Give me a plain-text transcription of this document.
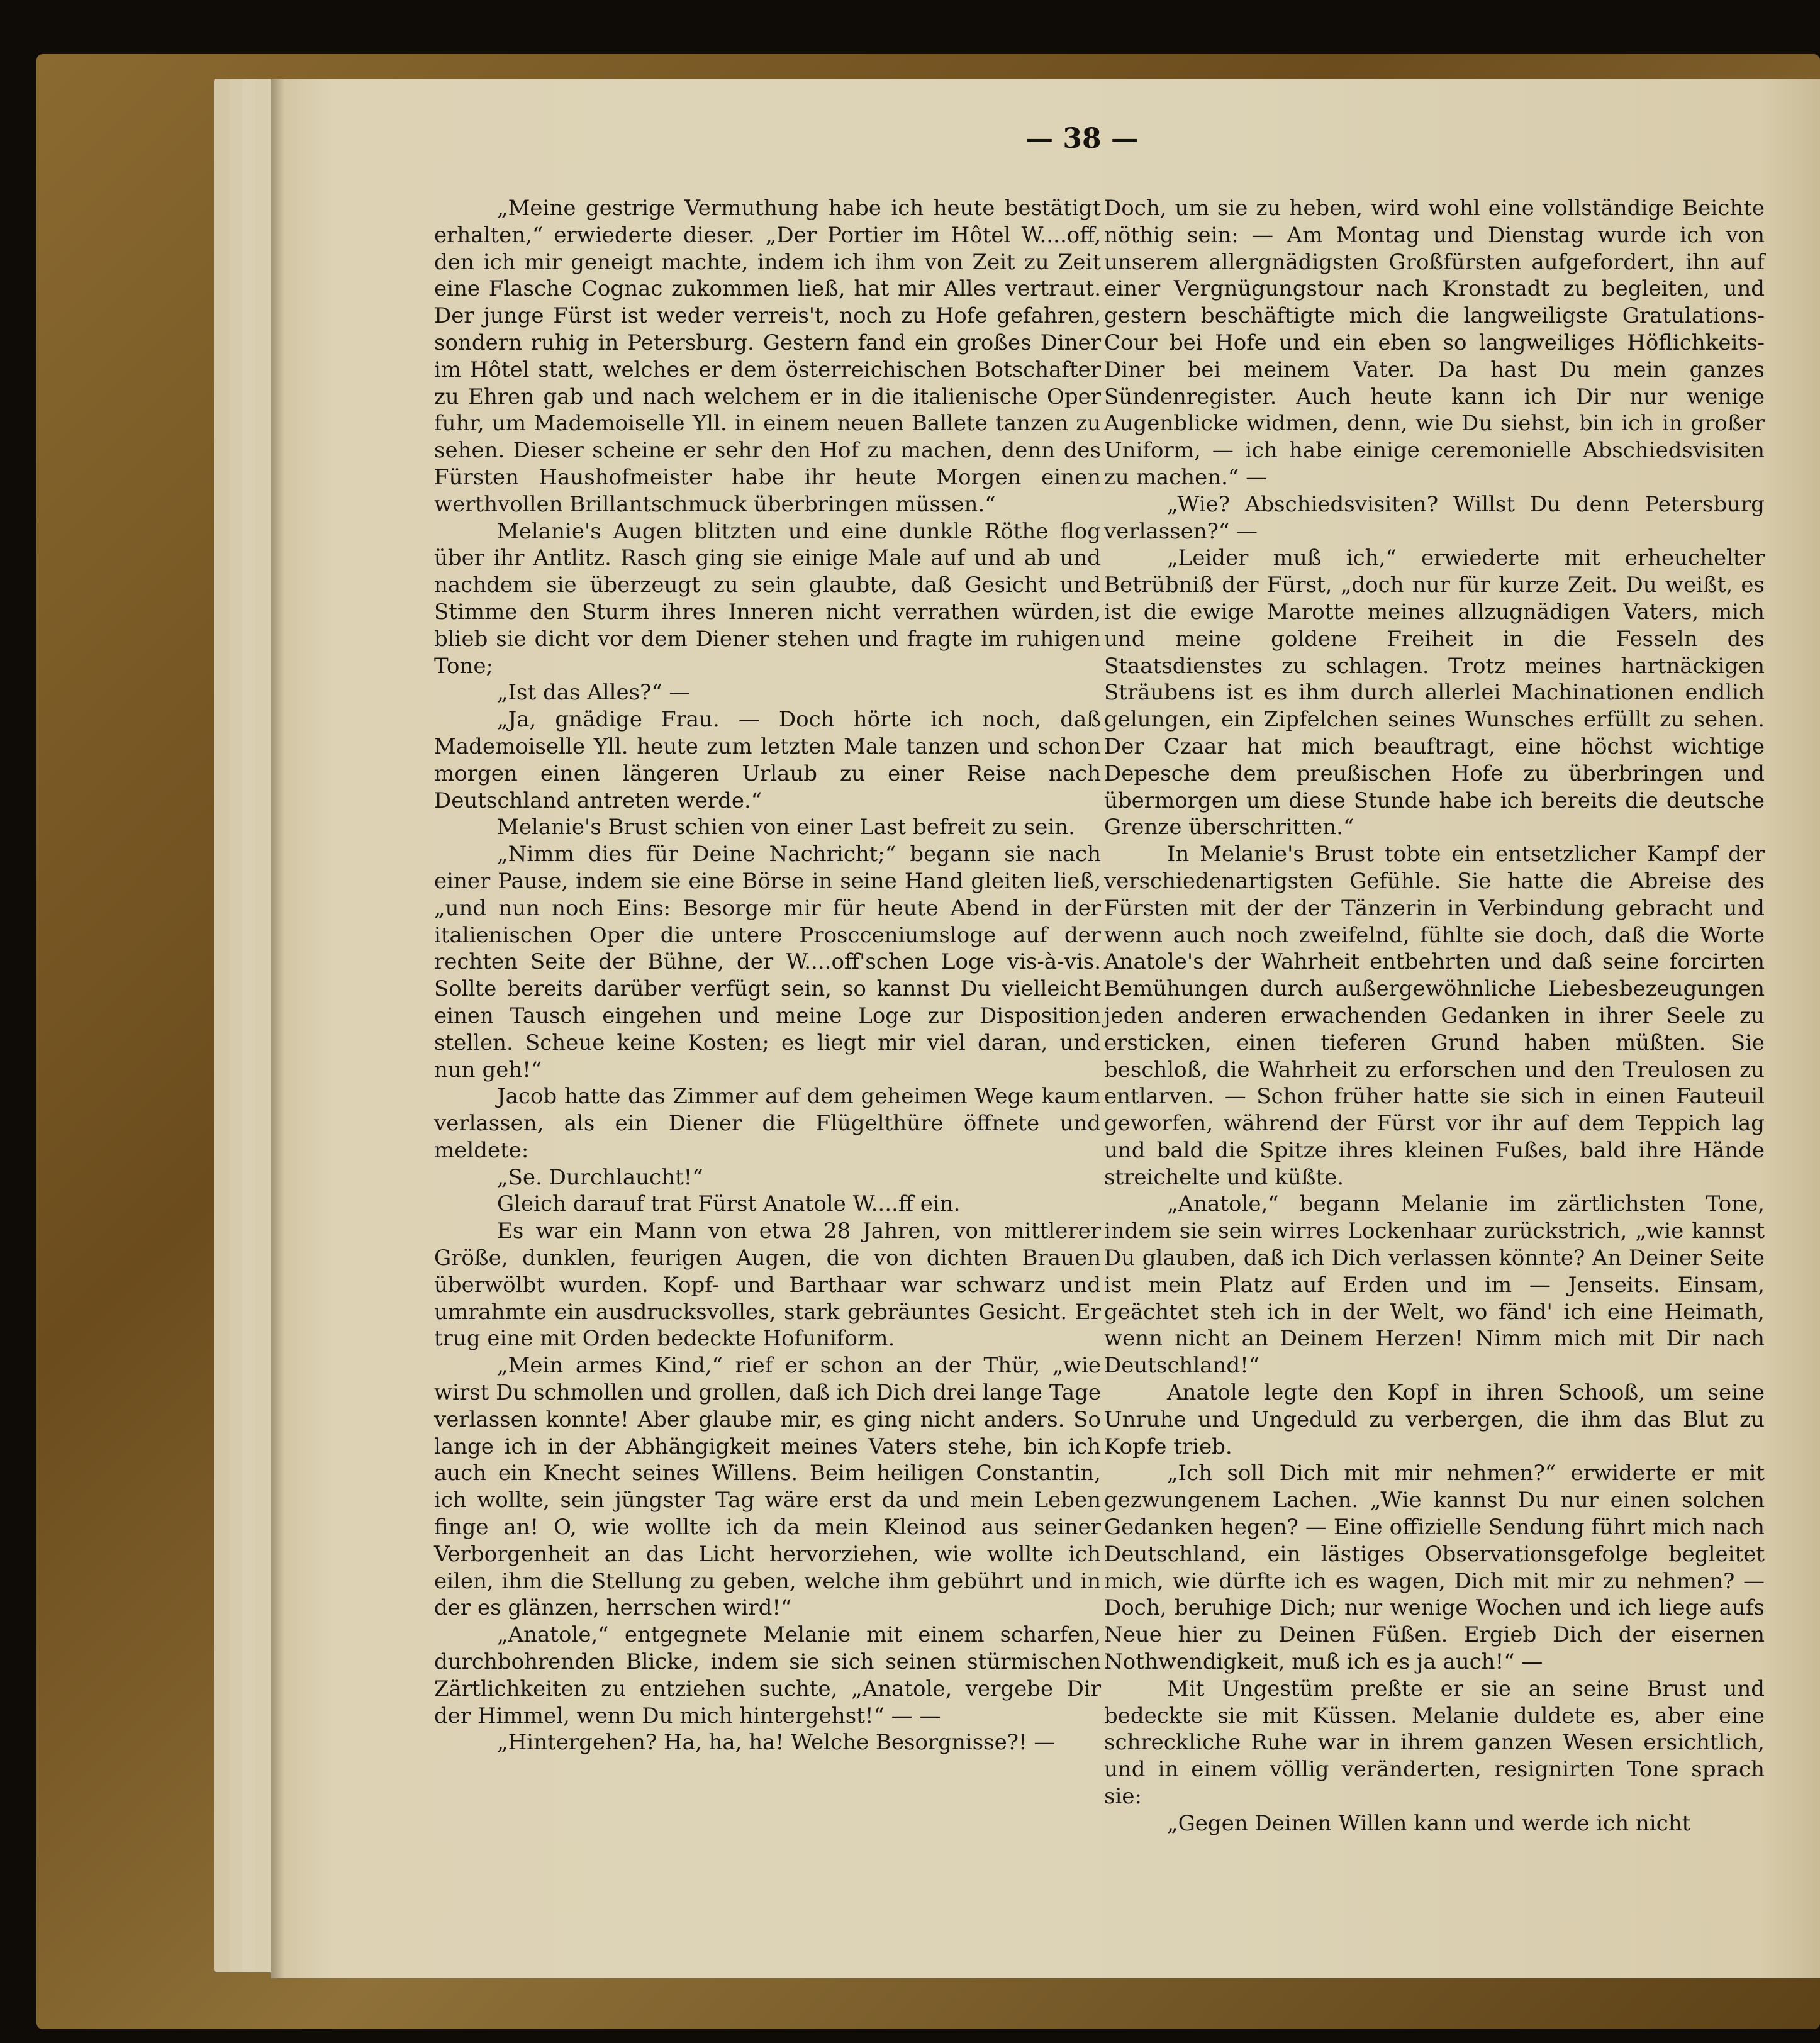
— 38 —

„Meine gestrige Vermuthung habe ich heute bestätigt erhalten,“ erwiederte dieser. „Der Portier im Hôtel W....off, den ich mir geneigt machte, indem ich ihm von Zeit zu Zeit eine Flasche Cognac zukommen ließ, hat mir Alles vertraut. Der junge Fürst ist weder verreis't, noch zu Hofe gefahren, sondern ruhig in Petersburg. Gestern fand ein großes Diner im Hôtel statt, welches er dem österreichischen Botschafter zu Ehren gab und nach welchem er in die italienische Oper fuhr, um Mademoiselle Yll. in einem neuen Ballete tanzen zu sehen. Dieser scheine er sehr den Hof zu machen, denn des Fürsten Haushofmeister habe ihr heute Morgen einen werthvollen Brillantschmuck überbringen müssen.“

Melanie's Augen blitzten und eine dunkle Röthe flog über ihr Antlitz. Rasch ging sie einige Male auf und ab und nachdem sie überzeugt zu sein glaubte, daß Gesicht und Stimme den Sturm ihres Inneren nicht verrathen würden, blieb sie dicht vor dem Diener stehen und fragte im ruhigen Tone;

„Ist das Alles?“ —

„Ja, gnädige Frau. — Doch hörte ich noch, daß Mademoiselle Yll. heute zum letzten Male tanzen und schon morgen einen längeren Urlaub zu einer Reise nach Deutschland antreten werde.“

Melanie's Brust schien von einer Last befreit zu sein.

„Nimm dies für Deine Nachricht;“ begann sie nach einer Pause, indem sie eine Börse in seine Hand gleiten ließ, „und nun noch Eins: Besorge mir für heute Abend in der italienischen Oper die untere Proscceniumsloge auf der rechten Seite der Bühne, der W....off'schen Loge vis-à-vis. Sollte bereits darüber verfügt sein, so kannst Du vielleicht einen Tausch eingehen und meine Loge zur Disposition stellen. Scheue keine Kosten; es liegt mir viel daran, und nun geh!“

Jacob hatte das Zimmer auf dem geheimen Wege kaum verlassen, als ein Diener die Flügelthüre öffnete und meldete:

„Se. Durchlaucht!“

Gleich darauf trat Fürst Anatole W....ff ein.

Es war ein Mann von etwa 28 Jahren, von mittlerer Größe, dunklen, feurigen Augen, die von dichten Brauen überwölbt wurden. Kopf- und Barthaar war schwarz und umrahmte ein ausdrucksvolles, stark gebräuntes Gesicht. Er trug eine mit Orden bedeckte Hofuniform.

„Mein armes Kind,“ rief er schon an der Thür, „wie wirst Du schmollen und grollen, daß ich Dich drei lange Tage verlassen konnte! Aber glaube mir, es ging nicht anders. So lange ich in der Abhängigkeit meines Vaters stehe, bin ich auch ein Knecht seines Willens. Beim heiligen Constantin, ich wollte, sein jüngster Tag wäre erst da und mein Leben finge an! O, wie wollte ich da mein Kleinod aus seiner Verborgenheit an das Licht hervorziehen, wie wollte ich eilen, ihm die Stellung zu geben, welche ihm gebührt und in der es glänzen, herrschen wird!“

„Anatole,“ entgegnete Melanie mit einem scharfen, durchbohrenden Blicke, indem sie sich seinen stürmischen Zärtlichkeiten zu entziehen suchte, „Anatole, vergebe Dir der Himmel, wenn Du mich hintergehst!“ — —

„Hintergehen? Ha, ha, ha! Welche Besorgnisse?! —

Doch, um sie zu heben, wird wohl eine vollständige Beichte nöthig sein: — Am Montag und Dienstag wurde ich von unserem allergnädigsten Großfürsten aufgefordert, ihn auf einer Vergnügungstour nach Kronstadt zu begleiten, und gestern beschäftigte mich die langweiligste Gratulations-Cour bei Hofe und ein eben so langweiliges Höflichkeits-Diner bei meinem Vater. Da hast Du mein ganzes Sündenregister. Auch heute kann ich Dir nur wenige Augenblicke widmen, denn, wie Du siehst, bin ich in großer Uniform, — ich habe einige ceremonielle Abschiedsvisiten zu machen.“ —

„Wie? Abschiedsvisiten? Willst Du denn Petersburg verlassen?“ —

„Leider muß ich,“ erwiederte mit erheuchelter Betrübniß der Fürst, „doch nur für kurze Zeit. Du weißt, es ist die ewige Marotte meines allzugnädigen Vaters, mich und meine goldene Freiheit in die Fesseln des Staatsdienstes zu schlagen. Trotz meines hartnäckigen Sträubens ist es ihm durch allerlei Machinationen endlich gelungen, ein Zipfelchen seines Wunsches erfüllt zu sehen. Der Czaar hat mich beauftragt, eine höchst wichtige Depesche dem preußischen Hofe zu überbringen und übermorgen um diese Stunde habe ich bereits die deutsche Grenze überschritten.“

In Melanie's Brust tobte ein entsetzlicher Kampf der verschiedenartigsten Gefühle. Sie hatte die Abreise des Fürsten mit der der Tänzerin in Verbindung gebracht und wenn auch noch zweifelnd, fühlte sie doch, daß die Worte Anatole's der Wahrheit entbehrten und daß seine forcirten Bemühungen durch außergewöhnliche Liebesbezeugungen jeden anderen erwachenden Gedanken in ihrer Seele zu ersticken, einen tieferen Grund haben müßten. Sie beschloß, die Wahrheit zu erforschen und den Treulosen zu entlarven. — Schon früher hatte sie sich in einen Fauteuil geworfen, während der Fürst vor ihr auf dem Teppich lag und bald die Spitze ihres kleinen Fußes, bald ihre Hände streichelte und küßte.

„Anatole,“ begann Melanie im zärtlichsten Tone, indem sie sein wirres Lockenhaar zurückstrich, „wie kannst Du glauben, daß ich Dich verlassen könnte? An Deiner Seite ist mein Platz auf Erden und im — Jenseits. Einsam, geächtet steh ich in der Welt, wo fänd' ich eine Heimath, wenn nicht an Deinem Herzen! Nimm mich mit Dir nach Deutschland!“

Anatole legte den Kopf in ihren Schooß, um seine Unruhe und Ungeduld zu verbergen, die ihm das Blut zu Kopfe trieb.

„Ich soll Dich mit mir nehmen?“ erwiderte er mit gezwungenem Lachen. „Wie kannst Du nur einen solchen Gedanken hegen? — Eine offizielle Sendung führt mich nach Deutschland, ein lästiges Observationsgefolge begleitet mich, wie dürfte ich es wagen, Dich mit mir zu nehmen? — Doch, beruhige Dich; nur wenige Wochen und ich liege aufs Neue hier zu Deinen Füßen. Ergieb Dich der eisernen Nothwendigkeit, muß ich es ja auch!“ —

Mit Ungestüm preßte er sie an seine Brust und bedeckte sie mit Küssen. Melanie duldete es, aber eine schreckliche Ruhe war in ihrem ganzen Wesen ersichtlich, und in einem völlig veränderten, resignirten Tone sprach sie:

„Gegen Deinen Willen kann und werde ich nicht
